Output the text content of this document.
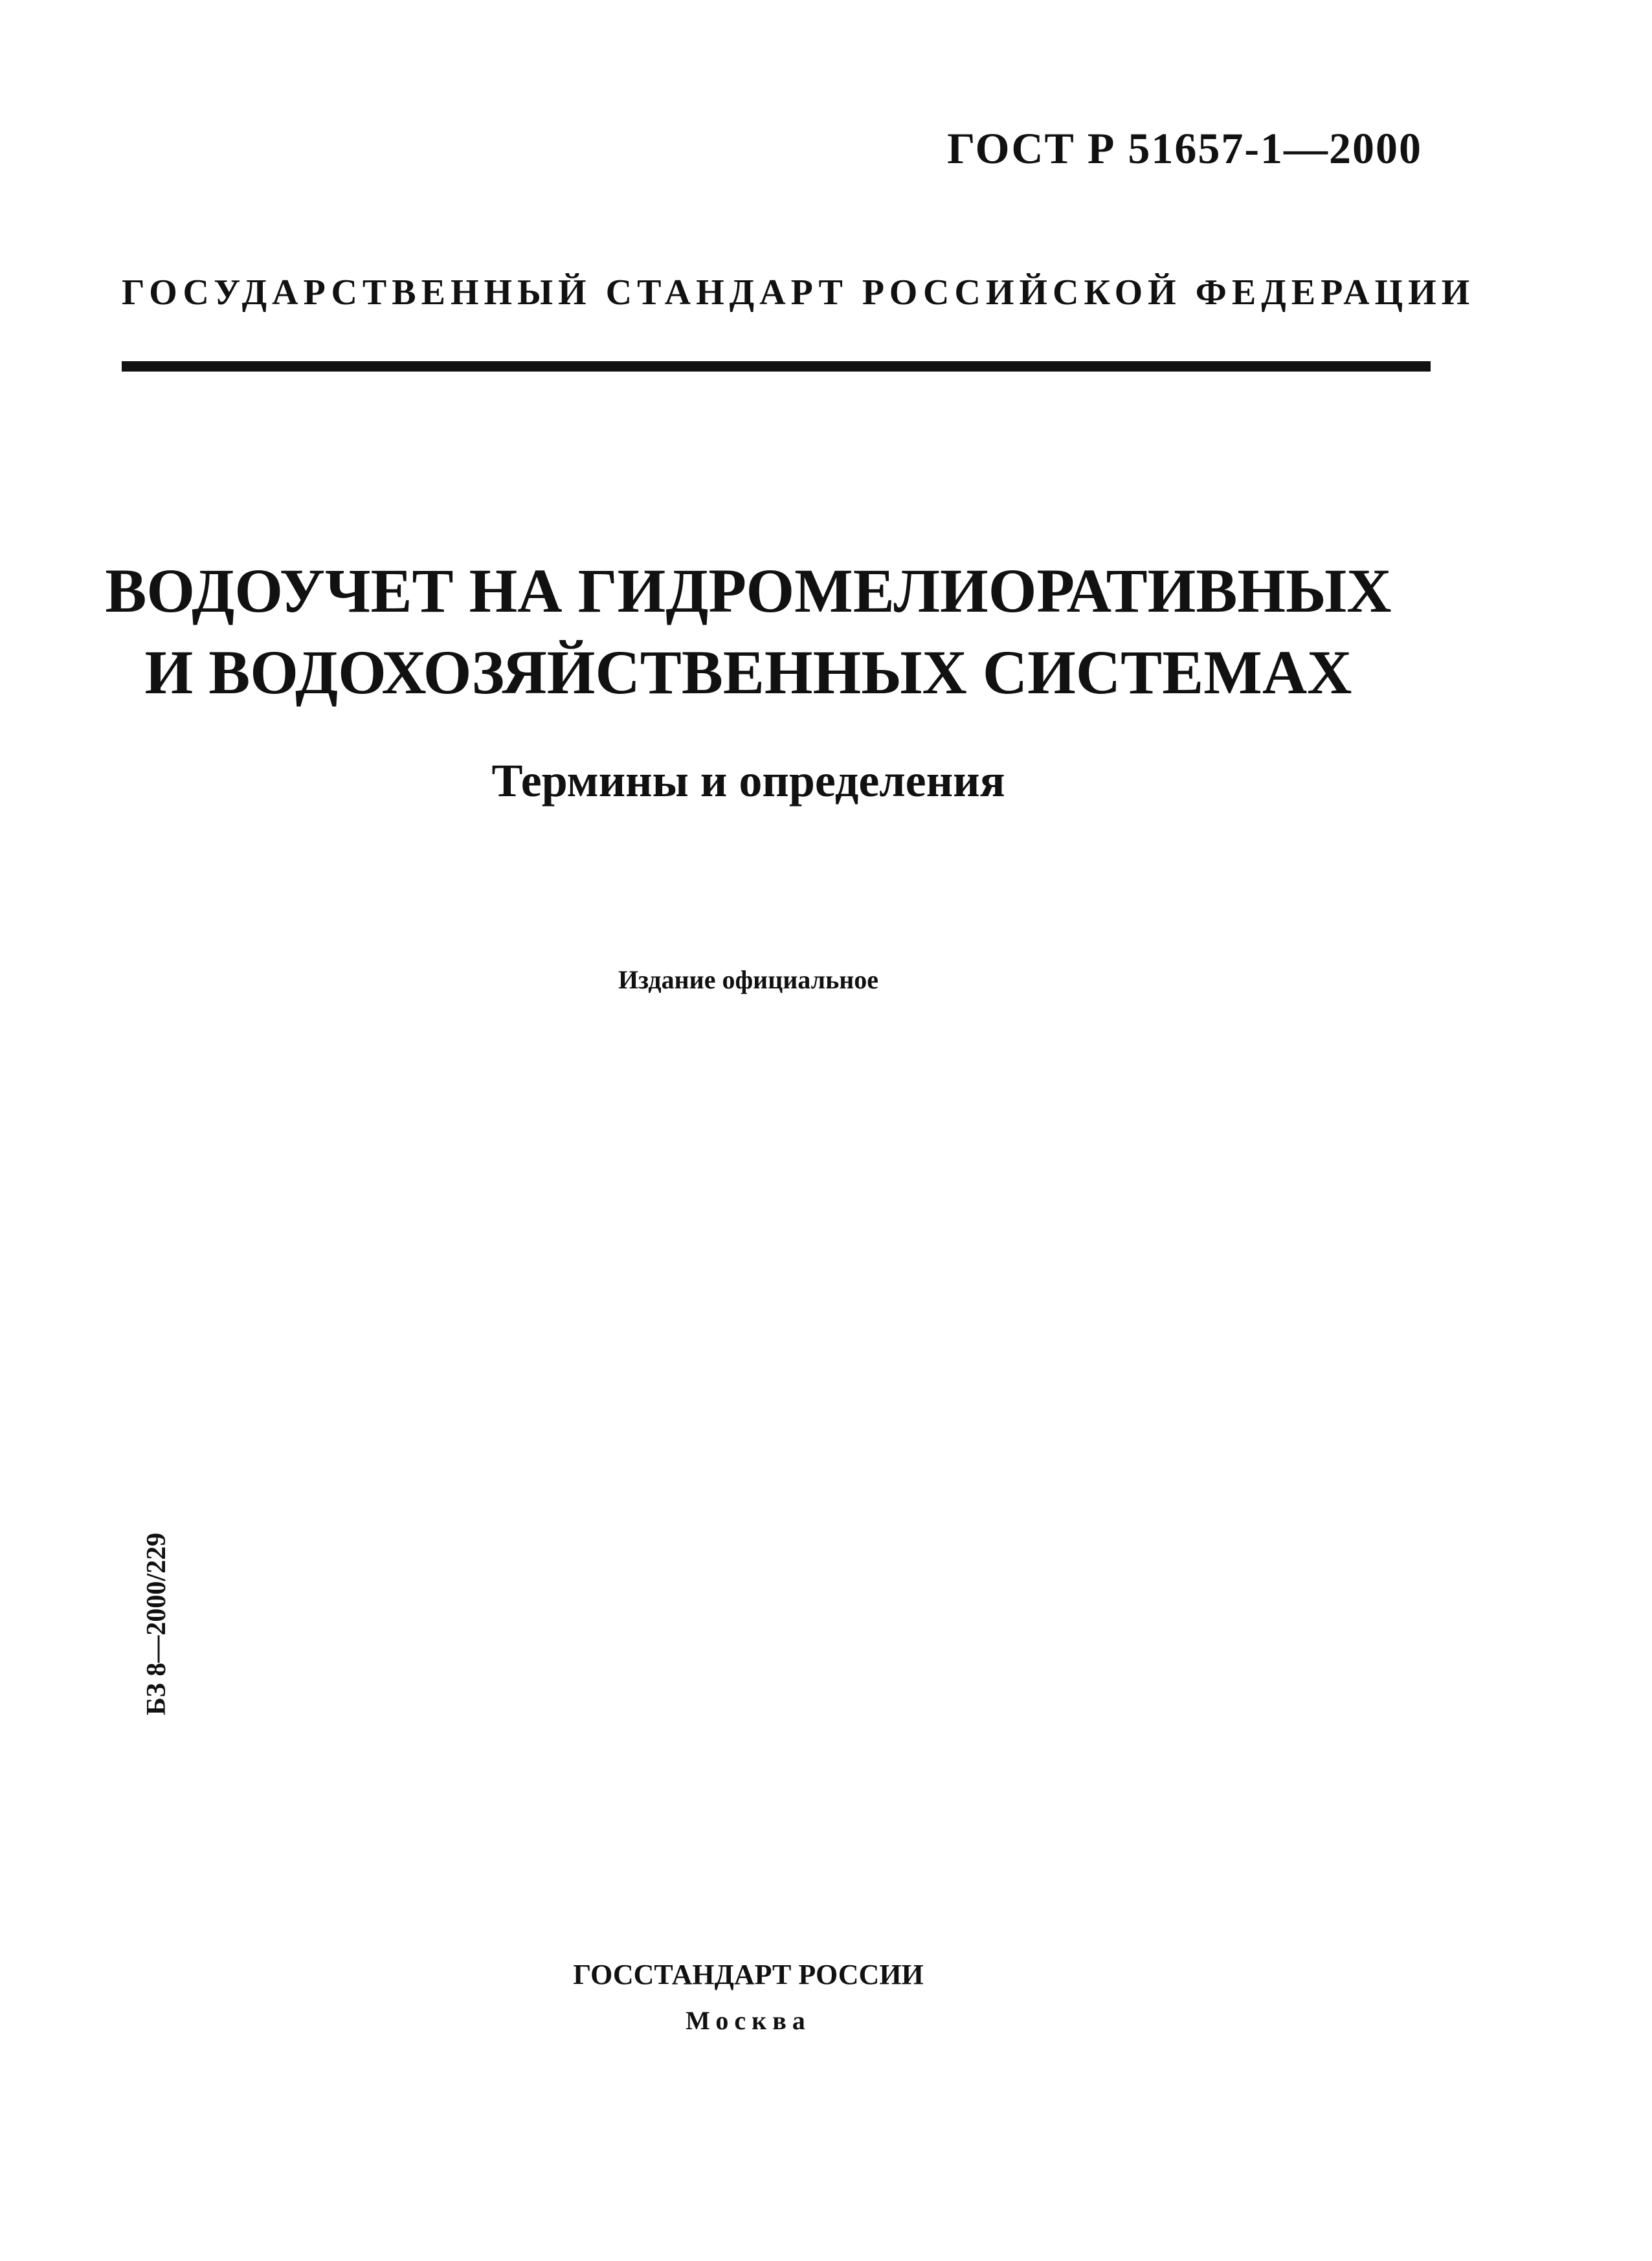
ГОСТ Р 51657-1—2000
ГОСУДАРСТВЕННЫЙ СТАНДАРТ РОССИЙСКОЙ ФЕДЕРАЦИИ
ВОДОУЧЕТ НА ГИДРОМЕЛИОРАТИВНЫХ
И ВОДОХОЗЯЙСТВЕННЫХ СИСТЕМАХ
Термины и определения
Издание официальное
БЗ 8—2000/229
ГОССТАНДАРТ РОССИИ
Москва
